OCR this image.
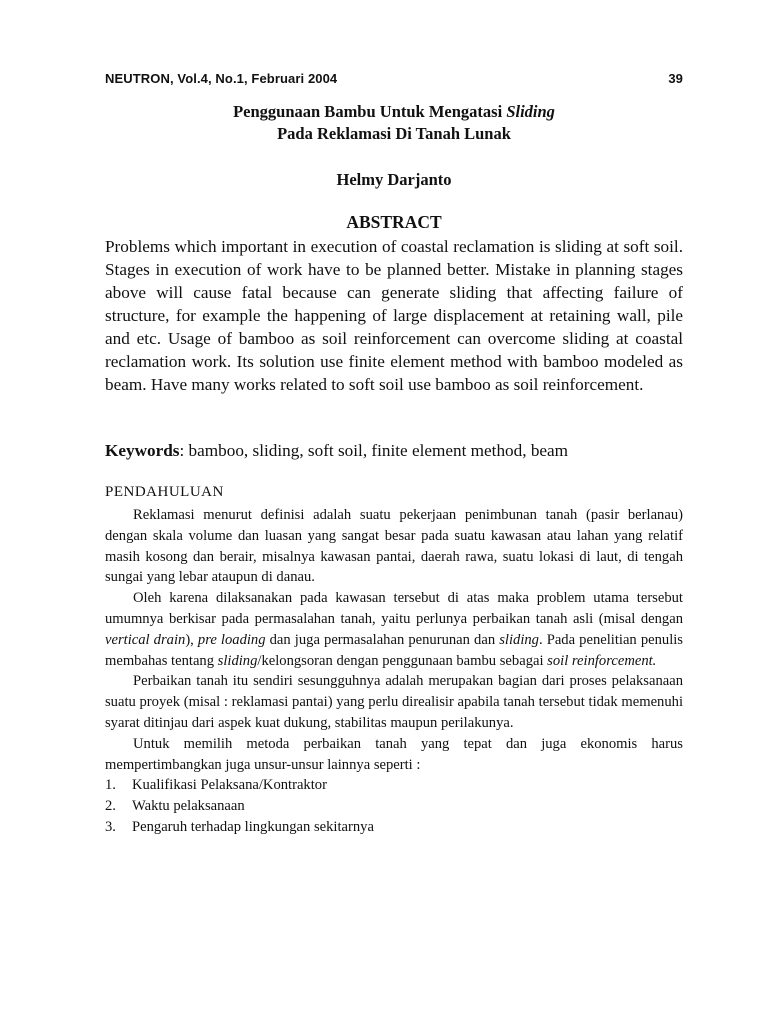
NEUTRON, Vol.4, No.1, Februari 2004	39
Penggunaan Bambu Untuk Mengatasi Sliding
Pada Reklamasi Di Tanah Lunak
Helmy Darjanto
ABSTRACT
Problems which important in execution of coastal reclamation is sliding at soft soil. Stages in execution of work have to be planned better. Mistake in planning stages above will cause fatal because can generate sliding that affecting failure of structure, for example the happening of large displacement at retaining wall, pile and etc. Usage of bamboo as soil reinforcement can overcome sliding at coastal reclamation work. Its solution use finite element method with bamboo modeled as beam. Have many works related to soft soil use bamboo as soil reinforcement.
Keywords: bamboo, sliding, soft soil, finite element method, beam
PENDAHULUAN

Reklamasi menurut definisi adalah suatu pekerjaan penimbunan tanah (pasir berlanau) dengan skala volume dan luasan yang sangat besar pada suatu kawasan atau lahan yang relatif masih kosong dan berair, misalnya kawasan pantai, daerah rawa, suatu lokasi di laut, di tengah sungai yang lebar ataupun di danau.

Oleh karena dilaksanakan pada kawasan tersebut di atas maka problem utama tersebut umumnya berkisar pada permasalahan tanah, yaitu perlunya perbaikan tanah asli (misal dengan vertical drain), pre loading dan juga permasalahan penurunan dan sliding. Pada penelitian penulis membahas tentang sliding/kelongsoran dengan penggunaan bambu sebagai soil reinforcement.

Perbaikan tanah itu sendiri sesungguhnya adalah merupakan bagian dari proses pelaksanaan suatu proyek (misal : reklamasi pantai) yang perlu direalisir apabila tanah tersebut tidak memenuhi syarat ditinjau dari aspek kuat dukung, stabilitas maupun perilakunya.

Untuk memilih metoda perbaikan tanah yang tepat dan juga ekonomis harus mempertimbangkan juga unsur-unsur lainnya seperti :

1. Kualifikasi Pelaksana/Kontraktor
2. Waktu pelaksanaan
3. Pengaruh terhadap lingkungan sekitarnya
